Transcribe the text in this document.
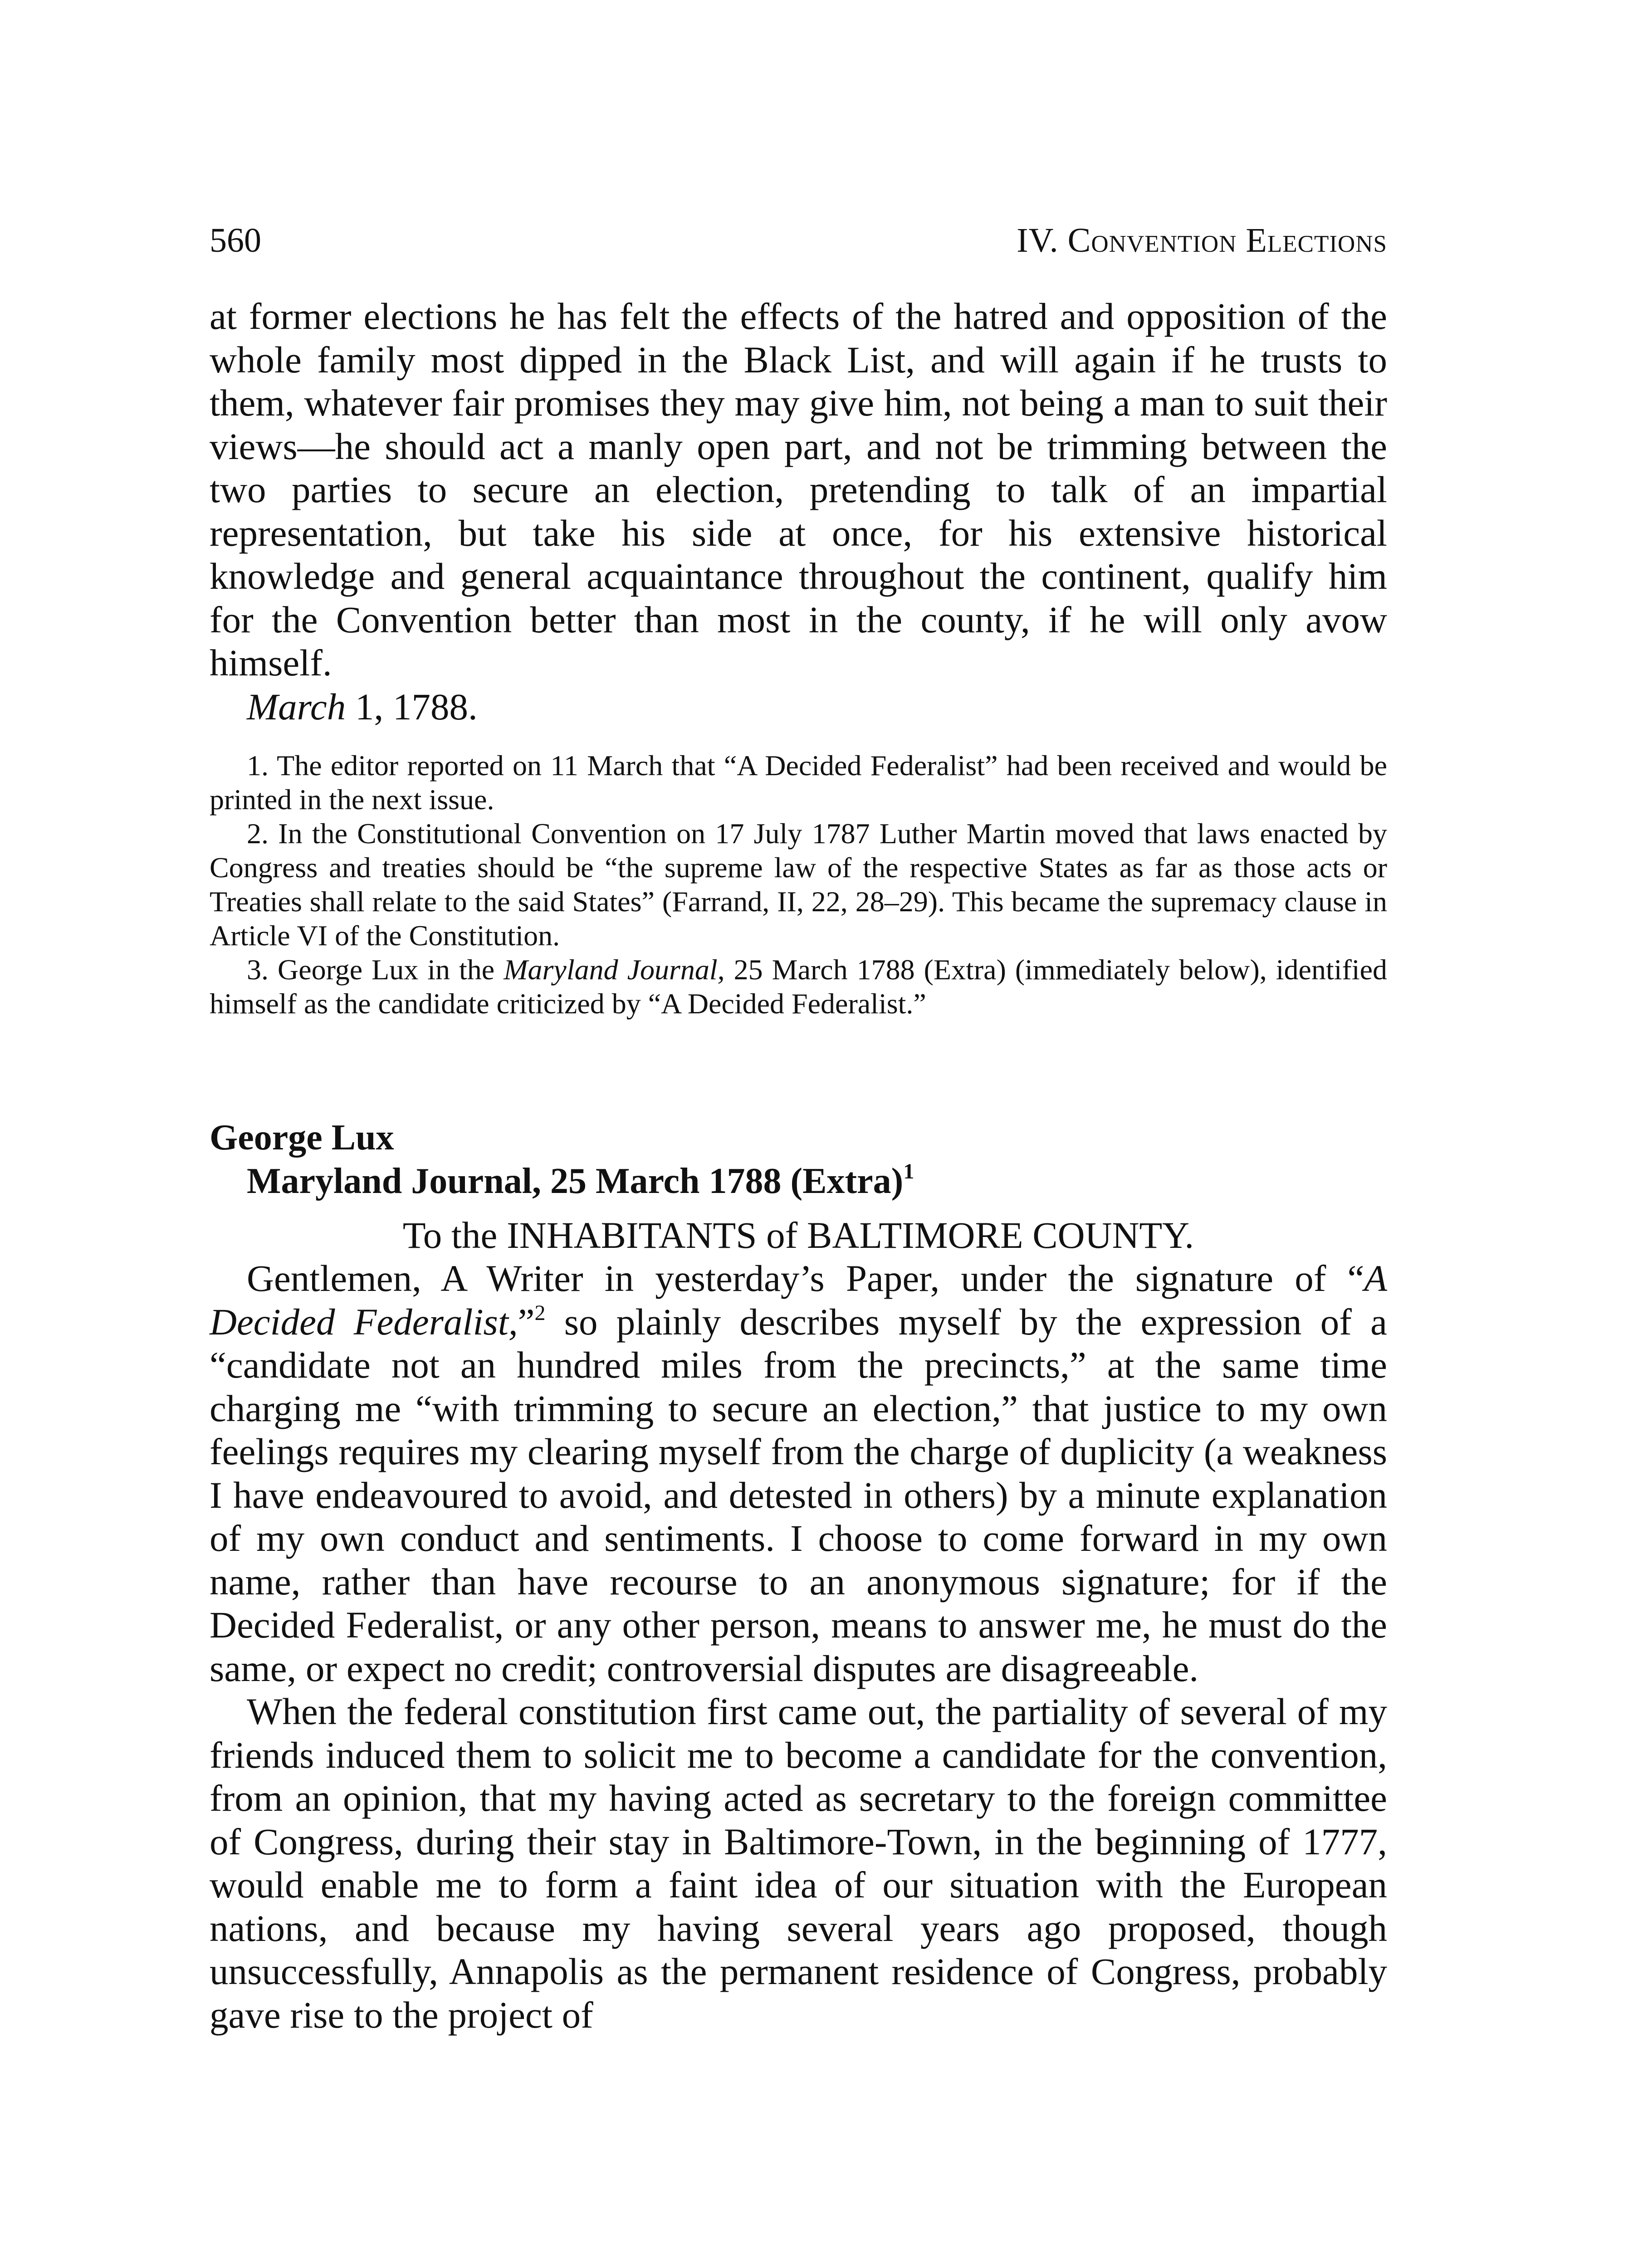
560	IV. Convention Elections

at former elections he has felt the effects of the hatred and opposition of the whole family most dipped in the Black List, and will again if he trusts to them, whatever fair promises they may give him, not being a man to suit their views—he should act a manly open part, and not be trimming between the two parties to secure an election, pretending to talk of an impartial representation, but take his side at once, for his extensive historical knowledge and general acquaintance throughout the continent, qualify him for the Convention better than most in the county, if he will only avow himself.

March 1, 1788.

1. The editor reported on 11 March that “A Decided Federalist” had been received and would be printed in the next issue.

2. In the Constitutional Convention on 17 July 1787 Luther Martin moved that laws enacted by Congress and treaties should be “the supreme law of the respective States as far as those acts or Treaties shall relate to the said States” (Farrand, II, 22, 28–29). This became the supremacy clause in Article VI of the Constitution.

3. George Lux in the Maryland Journal, 25 March 1788 (Extra) (immediately below), identified himself as the candidate criticized by “A Decided Federalist.”

George Lux
Maryland Journal, 25 March 1788 (Extra)$^1$
To the INHABITANTS of BALTIMORE COUNTY.

Gentlemen, A Writer in yesterday’s Paper, under the signature of “A Decided Federalist,”$^2$ so plainly describes myself by the expression of a “candidate not an hundred miles from the precincts,” at the same time charging me “with trimming to secure an election,” that justice to my own feelings requires my clearing myself from the charge of duplicity (a weakness I have endeavoured to avoid, and detested in others) by a minute explanation of my own conduct and sentiments. I choose to come forward in my own name, rather than have recourse to an anonymous signature; for if the Decided Federalist, or any other person, means to answer me, he must do the same, or expect no credit; controversial disputes are disagreeable.

When the federal constitution first came out, the partiality of several of my friends induced them to solicit me to become a candidate for the convention, from an opinion, that my having acted as secretary to the foreign committee of Congress, during their stay in Baltimore-Town, in the beginning of 1777, would enable me to form a faint idea of our situation with the European nations, and because my having several years ago proposed, though unsuccessfully, Annapolis as the permanent residence of Congress, probably gave rise to the project of
